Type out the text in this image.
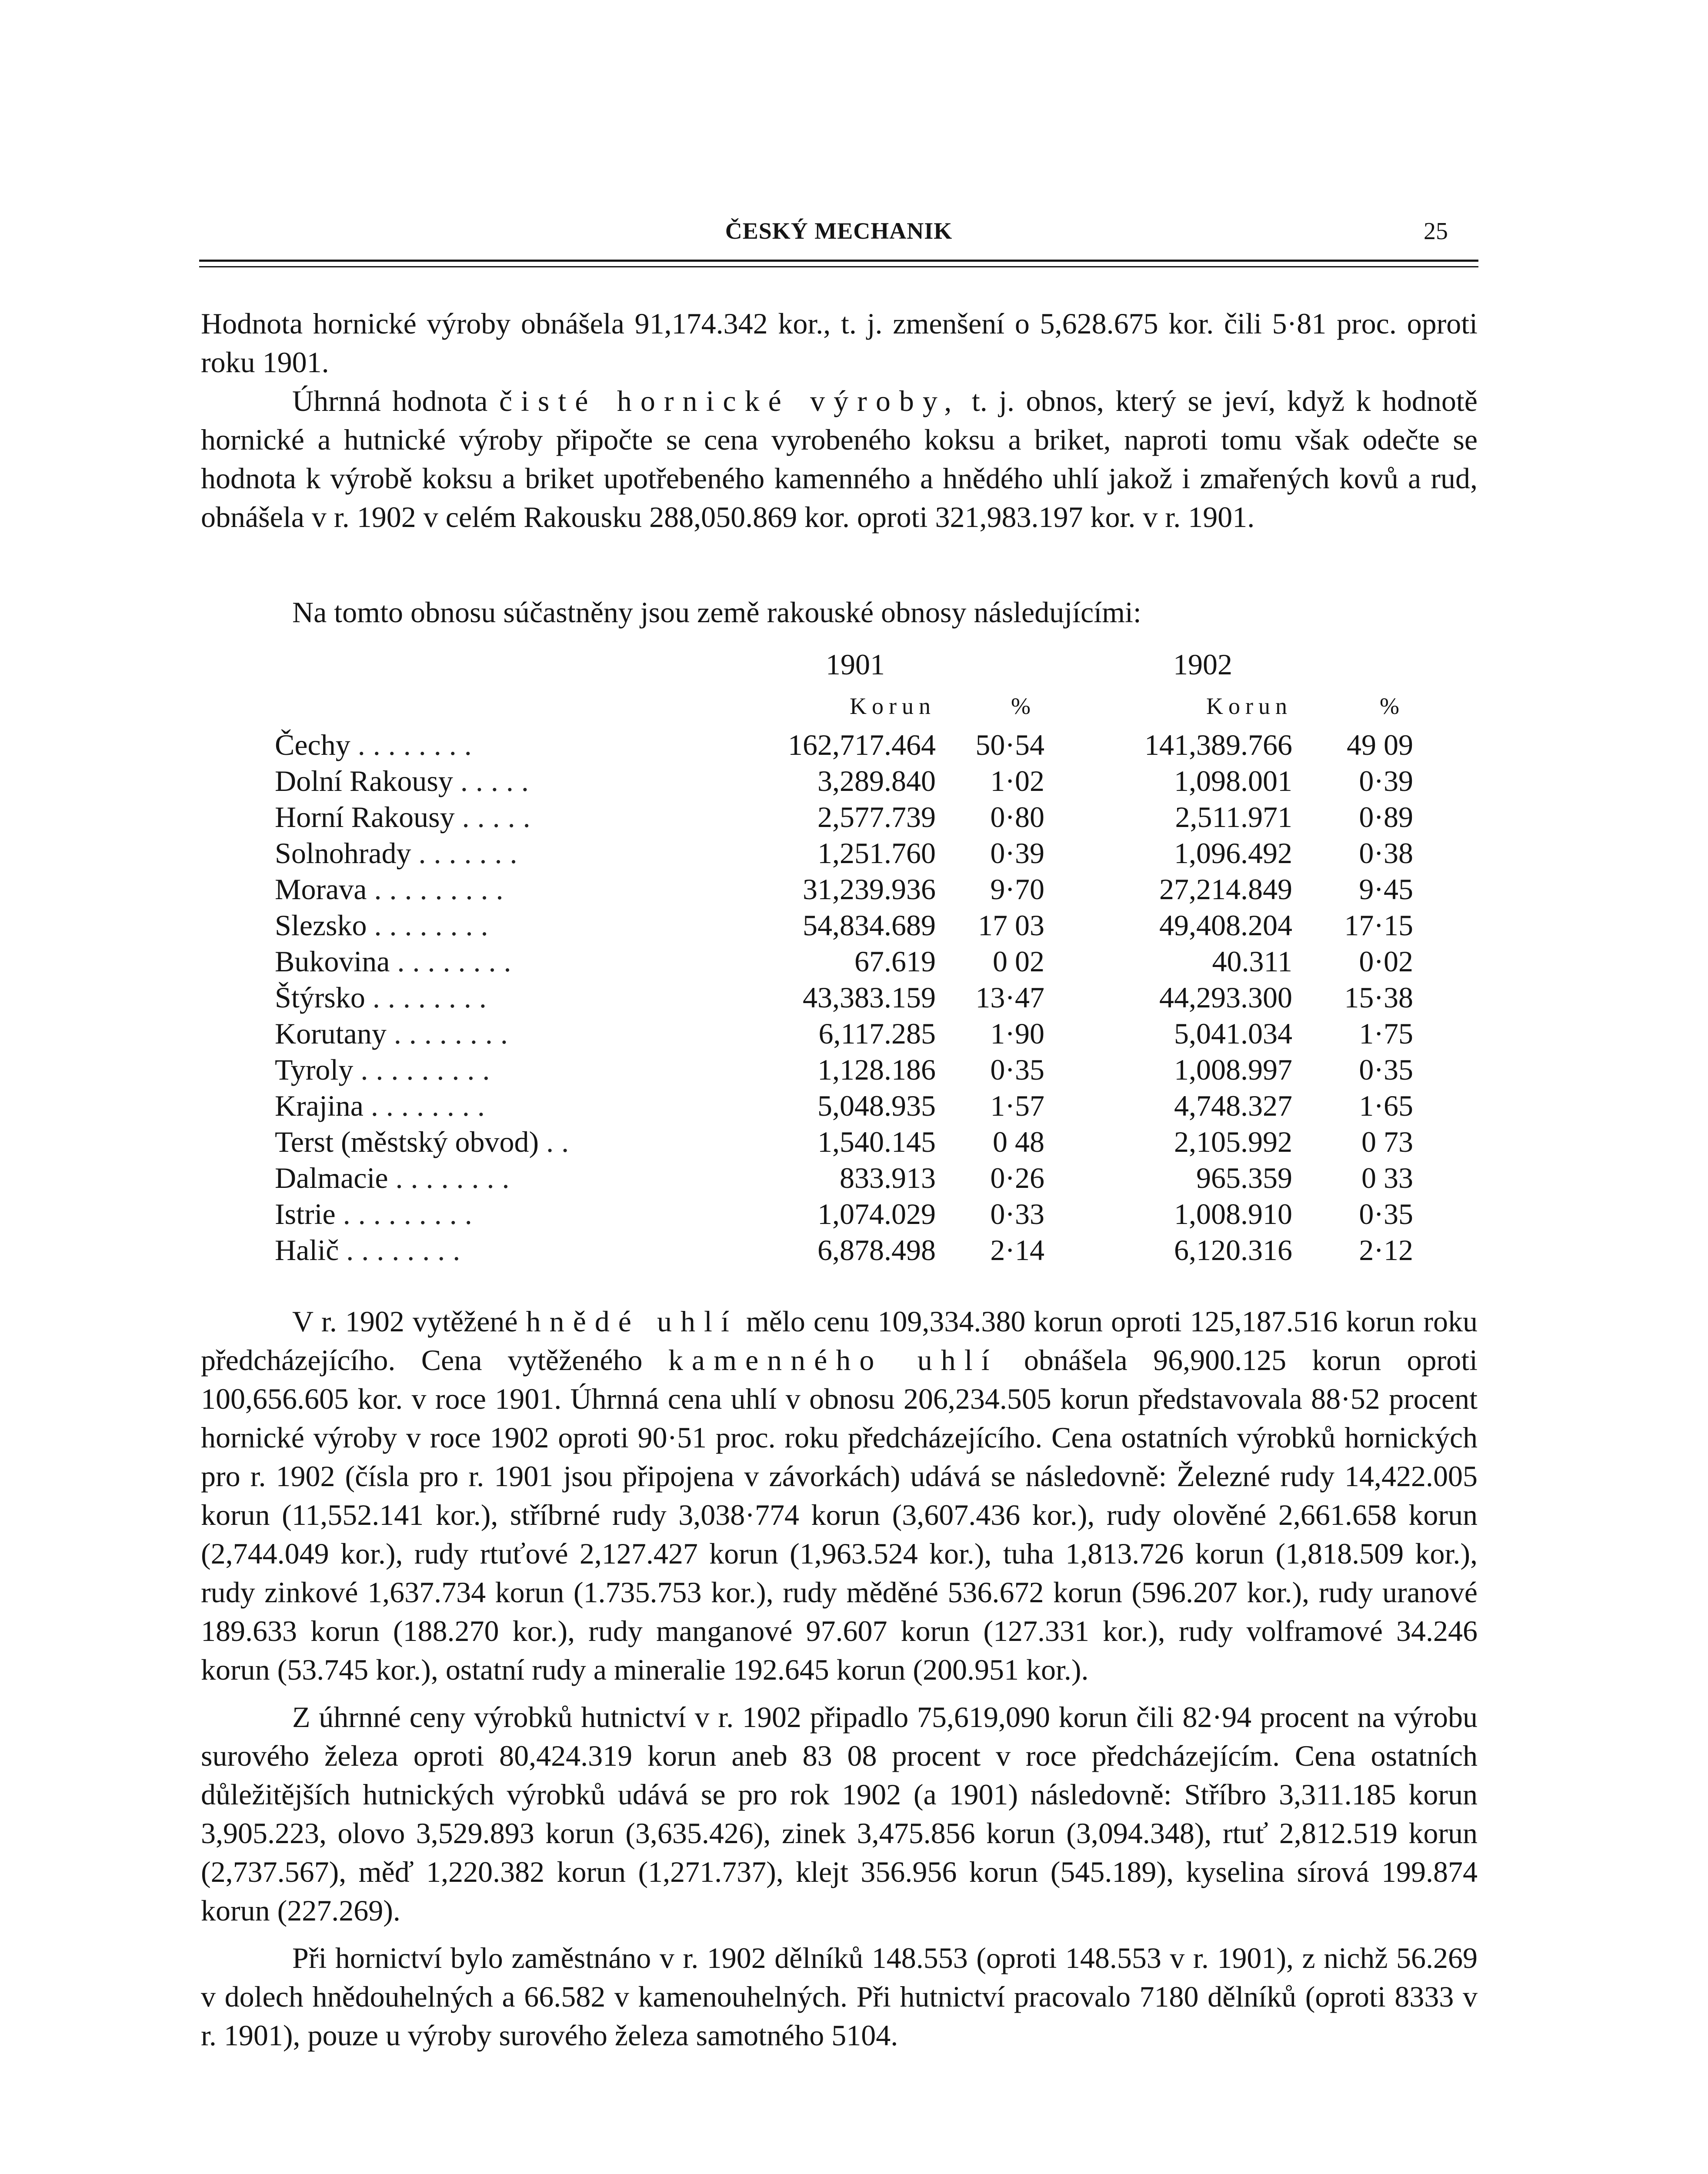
ČESKÝ MECHANIK	25

Hodnota hornické výroby obnášela 91,174.342 kor., t. j. zmenšení o 5,628.675 kor. čili 5·81 proc. oproti roku 1901.

Úhrnná hodnota čisté hornické výroby, t. j. obnos, který se jeví, když k hodnotě hornické a hutnické výroby připočte se cena vyrobeného koksu a briket, naproti tomu však odečte se hodnota k výrobě koksu a briket upotřebeného kamenného a hnědého uhlí jakož i zmařených kovů a rud, obnášela v r. 1902 v celém Rakousku 288,050.869 kor. oproti 321,983.197 kor. v r. 1901.

Na tomto obnosu súčastněny jsou země rakouské obnosy následujícími:
	1901		1902	
	Korun	%	Korun	%
Čechy ........	162,717.464	50·54	141,389.766	49 09
Dolní Rakousy .....	3,289.840	1·02	1,098.001	0·39
Horní Rakousy .....	2,577.739	0·80	2,511.971	0·89
Solnohrady .......	1,251.760	0·39	1,096.492	0·38
Morava .........	31,239.936	9·70	27,214.849	9·45
Slezsko ........	54,834.689	17 03	49,408.204	17·15
Bukovina ........	67.619	0 02	40.311	0·02
Štýrsko ........	43,383.159	13·47	44,293.300	15·38
Korutany ........	6,117.285	1·90	5,041.034	1·75
Tyroly .........	1,128.186	0·35	1,008.997	0·35
Krajina ........	5,048.935	1·57	4,748.327	1·65
Terst (městský obvod) ..	1,540.145	0 48	2,105.992	0 73
Dalmacie ........	833.913	0·26	965.359	0 33
Istrie .........	1,074.029	0·33	1,008.910	0·35
Halič ........	6,878.498	2·14	6,120.316	2·12

V r. 1902 vytěžené hnědé uhlí mělo cenu 109,334.380 korun oproti 125,187.516 korun roku předcházejícího. Cena vytěženého kamenného uhlí obnášela 96,900.125 korun oproti 100,656.605 kor. v roce 1901. Úhrnná cena uhlí v obnosu 206,234.505 korun představovala 88·52 procent hornické výroby v roce 1902 oproti 90·51 proc. roku předcházejícího. Cena ostatních výrobků hornických pro r. 1902 (čísla pro r. 1901 jsou připojena v závorkách) udává se následovně: Železné rudy 14,422.005 korun (11,552.141 kor.), stříbrné rudy 3,038·774 korun (3,607.436 kor.), rudy olověné 2,661.658 korun (2,744.049 kor.), rudy rtuťové 2,127.427 korun (1,963.524 kor.), tuha 1,813.726 korun (1,818.509 kor.), rudy zinkové 1,637.734 korun (1.735.753 kor.), rudy měděné 536.672 korun (596.207 kor.), rudy uranové 189.633 korun (188.270 kor.), rudy manganové 97.607 korun (127.331 kor.), rudy volframové 34.246 korun (53.745 kor.), ostatní rudy a mineralie 192.645 korun (200.951 kor.).

Z úhrnné ceny výrobků hutnictví v r. 1902 připadlo 75,619,090 korun čili 82·94 procent na výrobu surového železa oproti 80,424.319 korun aneb 83 08 procent v roce předcházejícím. Cena ostatních důležitějších hutnických výrobků udává se pro rok 1902 (a 1901) následovně: Stříbro 3,311.185 korun 3,905.223, olovo 3,529.893 korun (3,635.426), zinek 3,475.856 korun (3,094.348), rtuť 2,812.519 korun (2,737.567), měď 1,220.382 korun (1,271.737), klejt 356.956 korun (545.189), kyselina sírová 199.874 korun (227.269).

Při hornictví bylo zaměstnáno v r. 1902 dělníků 148.553 (oproti 148.553 v r. 1901), z nichž 56.269 v dolech hnědouhelných a 66.582 v kamenouhelných. Při hutnictví pracovalo 7180 dělníků (oproti 8333 v r. 1901), pouze u výroby surového železa samotného 5104.
